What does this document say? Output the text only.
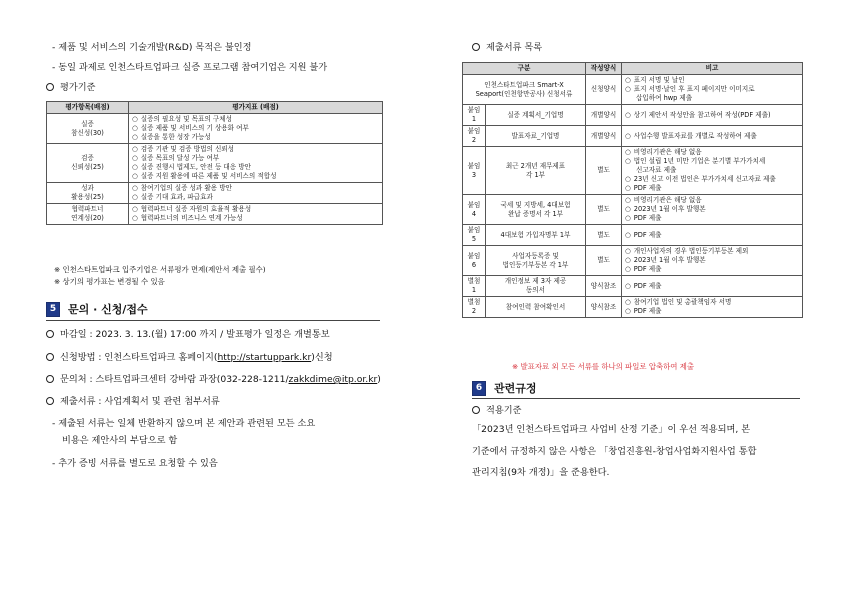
- 제품 및 서비스의 기술개발(R&D) 목적은 불인정
- 동일 과제로 인천스타트업파크 실증 프로그램 참여기업은 지원 불가
평가기준
평가항목(배점)	평가지표 (배점)

실증
참신성(30)	○ 실증의 필요성 및 목표의 구체성
○ 실증 제품 및 서비스의 기 상용화 여부
○ 실증을 통한 성장 가능성

검증
신뢰성(25)	○ 검증 기관 및 검증 방법의 신뢰성
○ 실증 목표의 달성 가능 여부
○ 실증 진행시 법제도, 안전 등 대응 방안
○ 실증 지원 활용에 따른 제품 및 서비스의 적합성

성과
활용성(25)	○ 참여기업의 실증 성과 활용 방안
○ 실증 기대 효과, 파급효과

협력파트너
연계성(20)	○ 협력파트너 실증 자원의 효율적 활용성
○ 협력파트너의 비즈니스 연계 가능성
※ 인천스타트업파크 입주기업은 서류평가 면제(제안서 제출 필수)
※ 상기의 평가표는 변경될 수 있음
5	문의 · 신청/접수
마감일 : 2023. 3. 13.(월) 17:00 까지 / 발표평가 일정은 개별통보
신청방법 : 인천스타트업파크 홈페이지(http://startuppark.kr)신청
문의처 : 스타트업파크센터 강바람 과장(032-228-1211/zakkdime@itp.or.kr)
제출서류 : 사업계획서 및 관련 첨부서류
- 제출된 서류는 일체 반환하지 않으며 본 제안과 관련된 모든 소요
비용은 제안사의 부담으로 함
- 추가 증빙 서류를 별도로 요청할 수 있음
제출서류 목록
구분		작성양식	비고

인천스타트업파크 Smart-X
Seaport(인천항만공사) 신청서류		신청양식	○ 표지 서명 및 날인
○ 표지 서명·날인 후 표지 페이지만 이미지로
삽입하여 hwp 제출

붙임1	실증 계획서_기업명	개별양식	○ 상기 제안서 작성안을 참고하여 작성(PDF 제출)

붙임2	발표자료_기업명	개별양식	○ 사업수행 발표자료를 개별로 작성하여 제출

붙임3	최근 2개년 재무제표
각 1부	별도	○ 비영리기관은 해당 없음
○ 법인 설립 1년 미만 기업은 분기별 부가가치세
신고자료 제출
○ 23년 신고 이전 법인은 부가가치세 신고자료 제출
○ PDF 제출

붙임4	국세 및 지방세, 4대보험
완납 증명서 각 1부	별도	○ 비영리기관은 해당 없음
○ 2023년 1월 이후 발행본
○ PDF 제출

붙임5	4대보험 가입자명부 1부	별도	○ PDF 제출

붙임6	사업자등록증 및
법인등기부등본 각 1부	별도	○ 개인사업자의 경우 법인등기부등본 제외
○ 2023년 1월 이후 발행본
○ PDF 제출

별첨1	개인정보 제 3자 제공
동의서	양식참조	○ PDF 제출

별첨2	참여인력 참여확인서	양식참조	○ 참여기업 법인 및 총괄책임자 서명
○ PDF 제출
※ 발표자료 외 모든 서류를 하나의 파일로 압축하여 제출
6	관련규정
적용기준
「2023년 인천스타트업파크 사업비 산정 기준」이 우선 적용되며, 본
기준에서 규정하지 않은 사항은 「창업진흥원-창업사업화지원사업 통합
관리지침(9차 개정)」을 준용한다.
